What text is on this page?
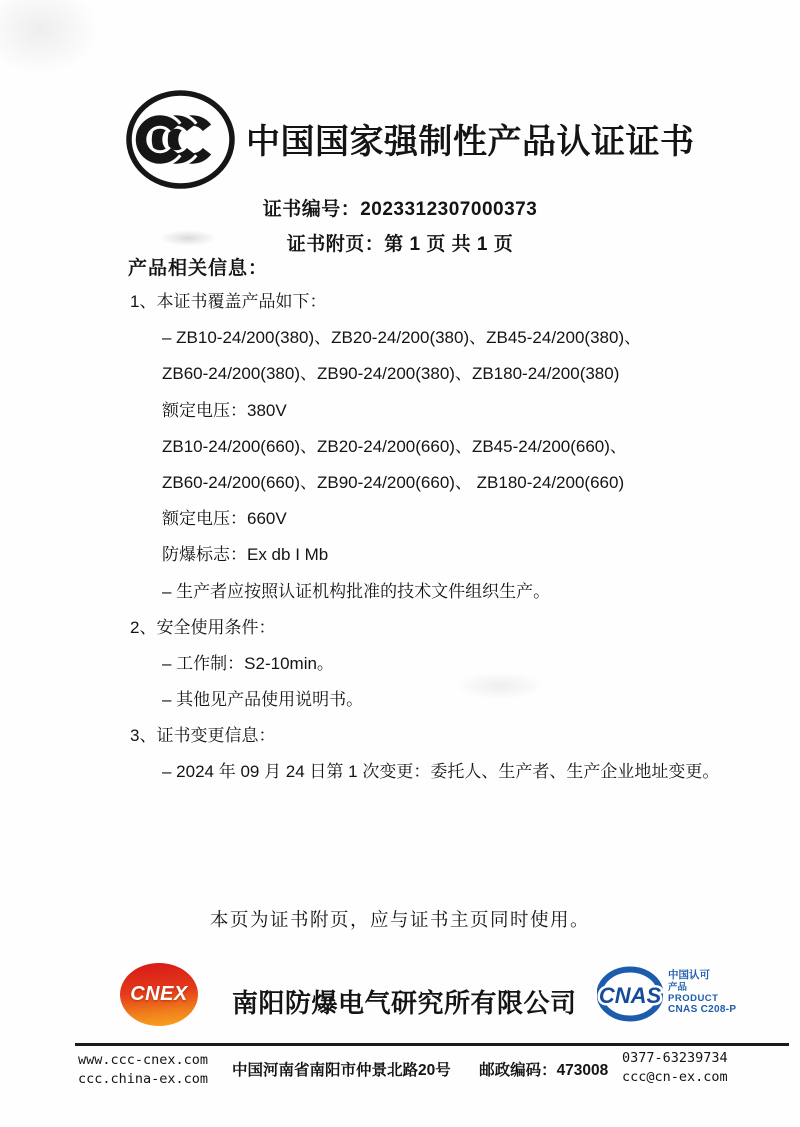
中国国家强制性产品认证证书
证书编号：2023312307000373
证书附页：第 1 页 共 1 页
产品相关信息：
1、本证书覆盖产品如下：
– ZB10-24/200(380)、ZB20-24/200(380)、ZB45-24/200(380)、
ZB60-24/200(380)、ZB90-24/200(380)、ZB180-24/200(380)
额定电压：380V
ZB10-24/200(660)、ZB20-24/200(660)、ZB45-24/200(660)、
ZB60-24/200(660)、ZB90-24/200(660)、 ZB180-24/200(660)
额定电压：660V
防爆标志：Ex db I Mb
– 生产者应按照认证机构批准的技术文件组织生产。
2、安全使用条件：
– 工作制：S2-10min。
– 其他见产品使用说明书。
3、证书变更信息：
– 2024 年 09 月 24 日第 1 次变更：委托人、生产者、生产企业地址变更。
本页为证书附页，应与证书主页同时使用。
CNEX 南阳防爆电气研究所有限公司 CNAS
中国认可
产品
PRODUCT
CNAS C208-P
www.ccc-cnex.com
ccc.china-ex.com 中国河南省南阳市仲景北路20号 邮政编码：473008
0377-63239734
ccc@cn-ex.com
